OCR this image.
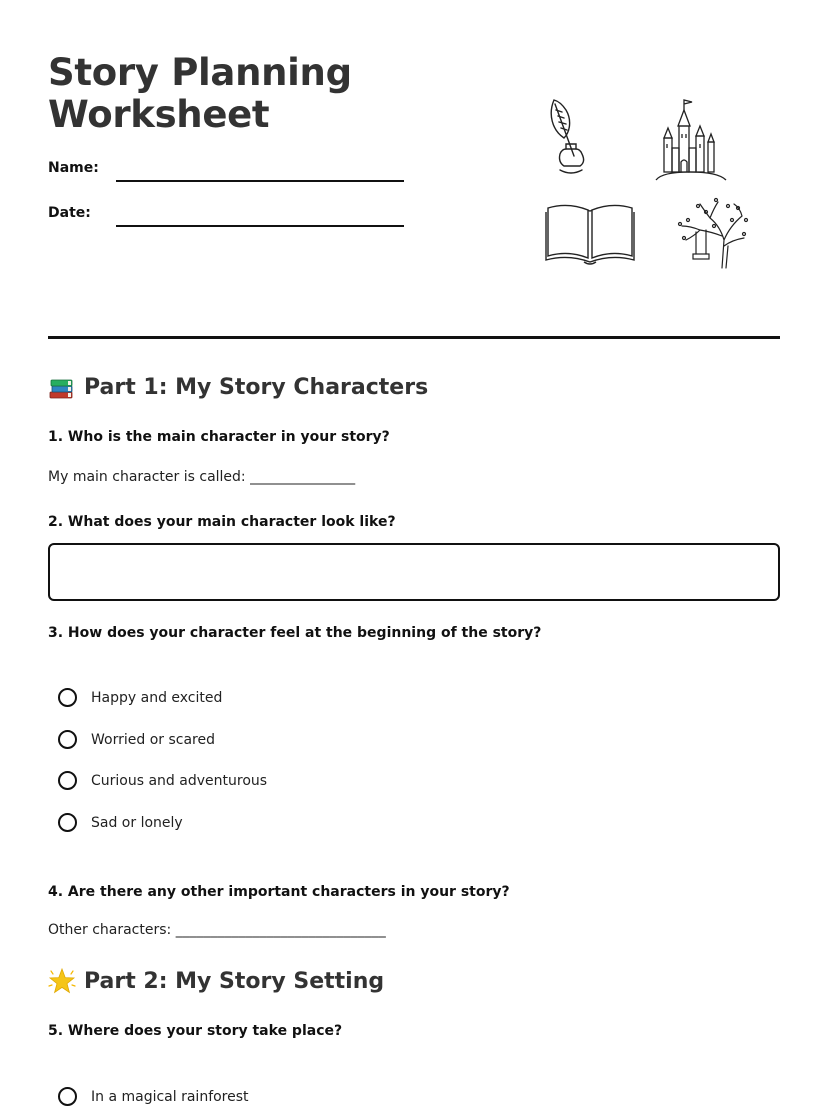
Story Planning
Worksheet
Name:
Date:
Part 1: My Story Characters

1. Who is the main character in your story?

My main character is called: _______________

2. What does your main character look like?

3. How does your character feel at the beginning of the story?

Happy and excited
Worried or scared
Curious and adventurous
Sad or lonely

4. Are there any other important characters in your story?

Other characters: ______________________________
Part 2: My Story Setting

5. Where does your story take place?

In a magical rainforest
